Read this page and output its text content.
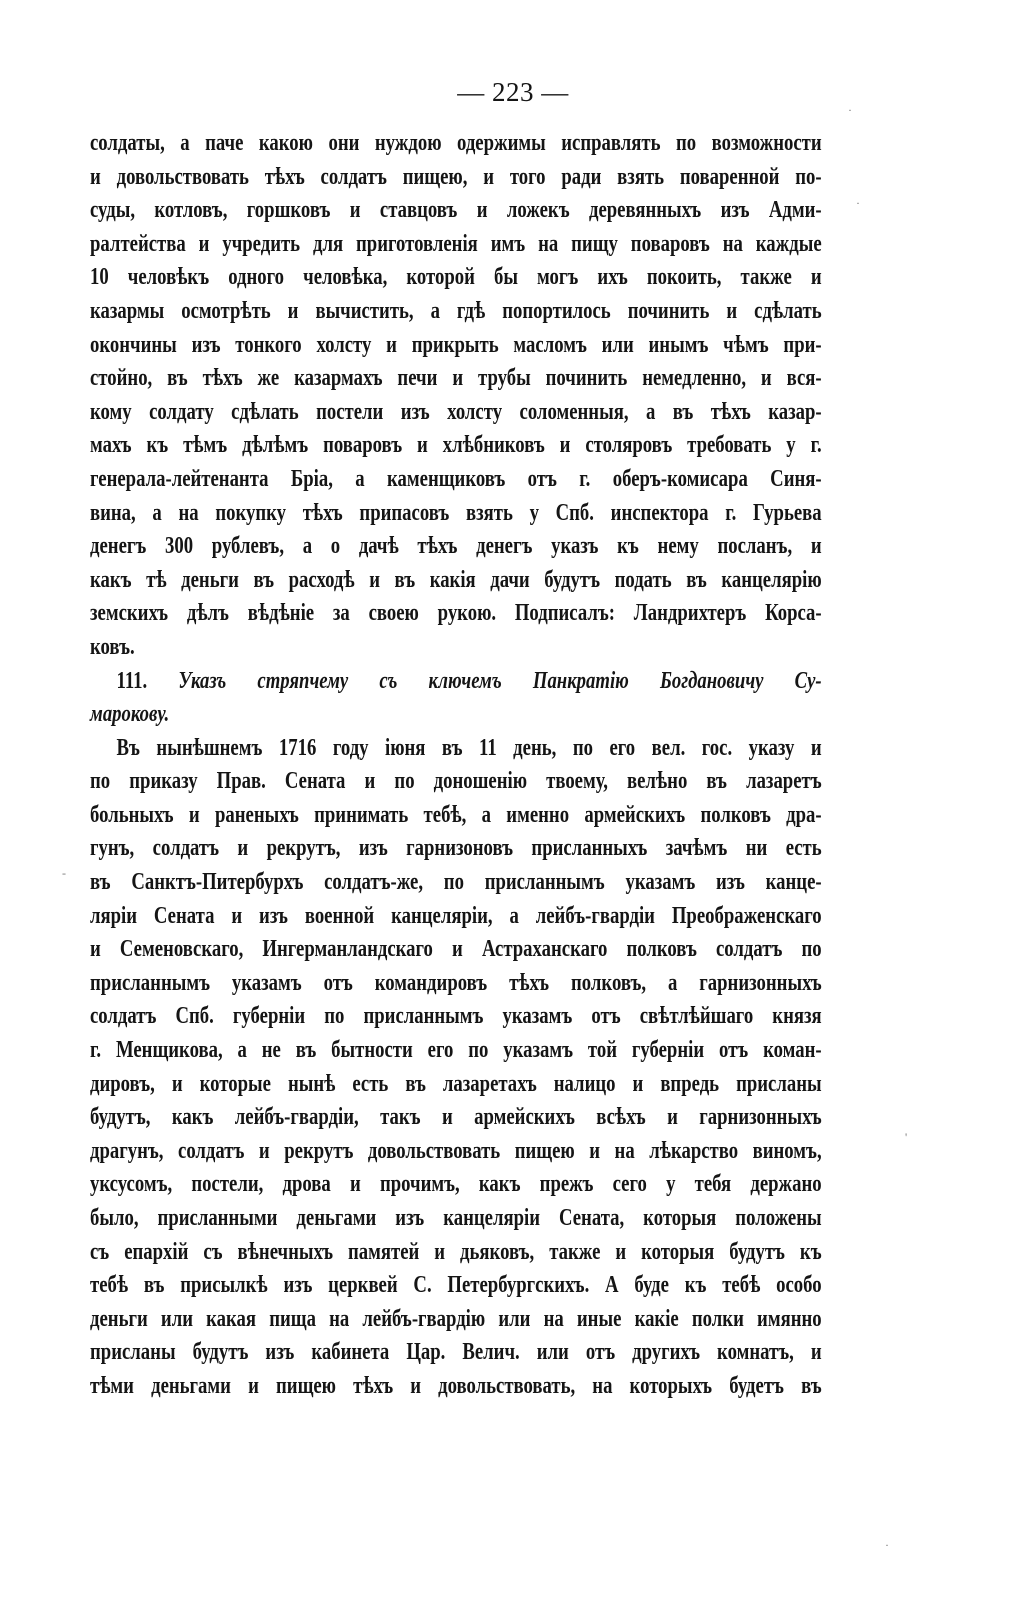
— 223 —
солдаты, а паче какою они нуждою одержимы исправлять по возможности
и довольствовать тѣхъ солдатъ пищею, и того ради взять поваренной по-
суды, котловъ, горшковъ и ставцовъ и ложекъ деревянныхъ изъ Адми-
ралтейства и учредить для приготовленія имъ на пищу поваровъ на каждые
10 человѣкъ одного человѣка, которой бы могъ ихъ покоить, также и
казармы осмотрѣть и вычистить, а гдѣ попортилось починить и сдѣлать
окончины изъ тонкого холсту и прикрыть масломъ или инымъ чѣмъ при-
стойно, въ тѣхъ же казармахъ печи и трубы починить немедленно, и вся-
кому солдату сдѣлать постели изъ холсту соломенныя, а въ тѣхъ казар-
махъ къ тѣмъ дѣлѣмъ поваровъ и хлѣбниковъ и столяровъ требовать у г.
генерала-лейтенанта Бріа, а каменщиковъ отъ г. оберъ-комисара Синя-
вина, а на покупку тѣхъ припасовъ взять у Спб. инспектора г. Гурьева
денегъ 300 рублевъ, а о дачѣ тѣхъ денегъ указъ къ нему посланъ, и
какъ тѣ деньги въ расходѣ и въ какія дачи будутъ подать въ канцелярію
земскихъ дѣлъ вѣдѣніе за своею рукою. Подписалъ: Ландрихтеръ Корса-
ковъ.
111. Указъ стряпчему съ ключемъ Панкратію Богдановичу Су-
марокову.
Въ нынѣшнемъ 1716 году іюня въ 11 день, по его вел. гос. указу и
по приказу Прав. Сената и по доношенію твоему, велѣно въ лазаретъ
больныхъ и раненыхъ принимать тебѣ, а именно армейскихъ полковъ дра-
гунъ, солдатъ и рекрутъ, изъ гарнизоновъ присланныхъ зачѣмъ ни есть
въ Санктъ-Питербурхъ солдатъ-же, по присланнымъ указамъ изъ канце-
ляріи Сената и изъ военной канцеляріи, а лейбъ-гвардіи Преображенскаго
и Семеновскаго, Ингерманландскаго и Астраханскаго полковъ солдатъ по
присланнымъ указамъ отъ командировъ тѣхъ полковъ, а гарнизонныхъ
солдатъ Спб. губерніи по присланнымъ указамъ отъ свѣтлѣйшаго князя
г. Менщикова, а не въ бытности его по указамъ той губерніи отъ коман-
дировъ, и которые нынѣ есть въ лазаретахъ налицо и впредь присланы
будутъ, какъ лейбъ-гвардіи, такъ и армейскихъ всѣхъ и гарнизонныхъ
драгунъ, солдатъ и рекрутъ довольствовать пищею и на лѣкарство виномъ,
уксусомъ, постели, дрова и прочимъ, какъ прежъ сего у тебя держано
было, присланными деньгами изъ канцеляріи Сената, которыя положены
съ епархій съ вѣнечныхъ памятей и дьяковъ, также и которыя будутъ къ
тебѣ въ присылкѣ изъ церквей С. Петербургскихъ. А буде къ тебѣ особо
деньги или какая пища на лейбъ-гвардію или на иные какіе полки имянно
присланы будутъ изъ кабинета Цар. Велич. или отъ другихъ комнатъ, и
тѣми деньгами и пищею тѣхъ и довольствовать, на которыхъ будетъ въ
·
·
-
'
·
